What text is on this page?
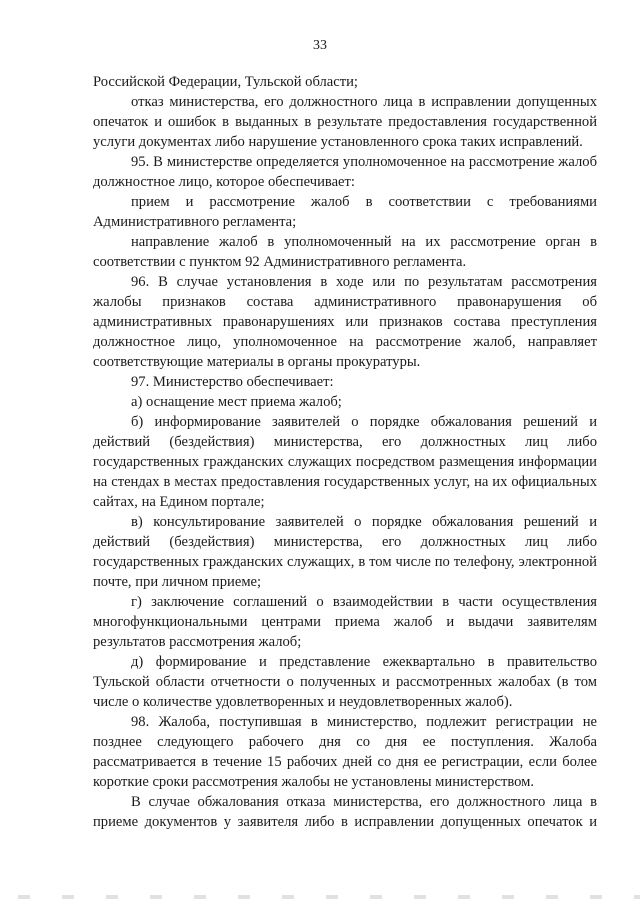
33

Российской Федерации, Тульской области;

отказ министерства, его должностного лица в исправлении допущенных опечаток и ошибок в выданных в результате предоставления государственной услуги документах либо нарушение установленного срока таких исправлений.

95. В министерстве определяется уполномоченное на рассмотрение жалоб должностное лицо, которое обеспечивает:

прием и рассмотрение жалоб в соответствии с требованиями Административного регламента;

направление жалоб в уполномоченный на их рассмотрение орган в соответствии с пунктом 92 Административного регламента.

96. В случае установления в ходе или по результатам рассмотрения жалобы признаков состава административного правонарушения об административных правонарушениях или признаков состава преступления должностное лицо, уполномоченное на рассмотрение жалоб, направляет соответствующие материалы в органы прокуратуры.

97. Министерство обеспечивает:

а) оснащение мест приема жалоб;

б) информирование заявителей о порядке обжалования решений и действий (бездействия) министерства, его должностных лиц либо государственных гражданских служащих посредством размещения информации на стендах в местах предоставления государственных услуг, на их официальных сайтах, на Едином портале;

в) консультирование заявителей о порядке обжалования решений и действий (бездействия) министерства, его должностных лиц либо государственных гражданских служащих, в том числе по телефону, электронной почте, при личном приеме;

г) заключение соглашений о взаимодействии в части осуществления многофункциональными центрами приема жалоб и выдачи заявителям результатов рассмотрения жалоб;

д) формирование и представление ежеквартально в правительство Тульской области отчетности о полученных и рассмотренных жалобах (в том числе о количестве удовлетворенных и неудовлетворенных жалоб).

98. Жалоба, поступившая в министерство, подлежит регистрации не позднее следующего рабочего дня со дня ее поступления. Жалоба рассматривается в течение 15 рабочих дней со дня ее регистрации, если более короткие сроки рассмотрения жалобы не установлены министерством.

В случае обжалования отказа министерства, его должностного лица в приеме документов у заявителя либо в исправлении допущенных опечаток и
